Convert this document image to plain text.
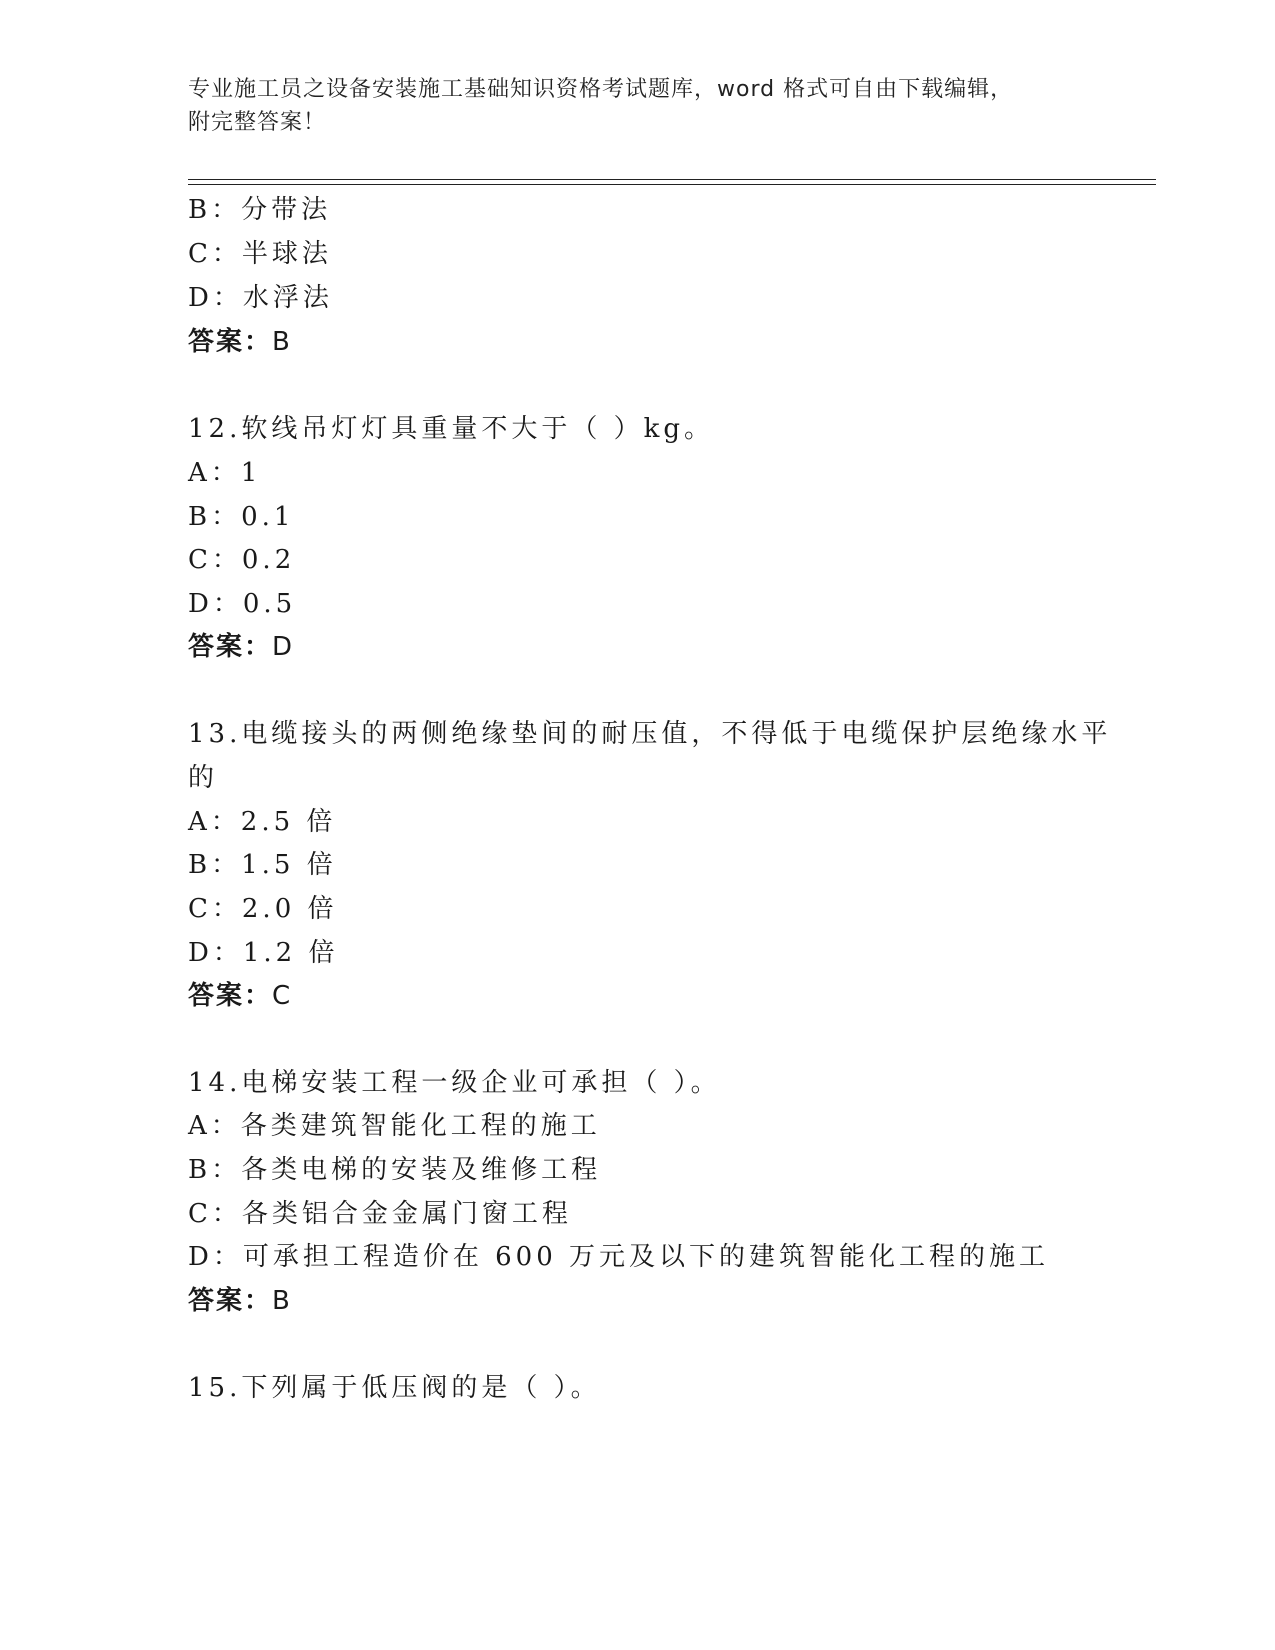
专业施工员之设备安装施工基础知识资格考试题库，word 格式可自由下载编辑，
附完整答案！
B：分带法
C：半球法
D：水浮法
答案：B
12.软线吊灯灯具重量不大于（ ）kg。
A：1
B：0.1
C：0.2
D：0.5
答案：D
13.电缆接头的两侧绝缘垫间的耐压值，不得低于电缆保护层绝缘水平
的
A：2.5 倍
B：1.5 倍
C：2.0 倍
D：1.2 倍
答案：C
14.电梯安装工程一级企业可承担（ ）。
A：各类建筑智能化工程的施工
B：各类电梯的安装及维修工程
C：各类铝合金金属门窗工程
D：可承担工程造价在 600 万元及以下的建筑智能化工程的施工
答案：B
15.下列属于低压阀的是（ ）。
